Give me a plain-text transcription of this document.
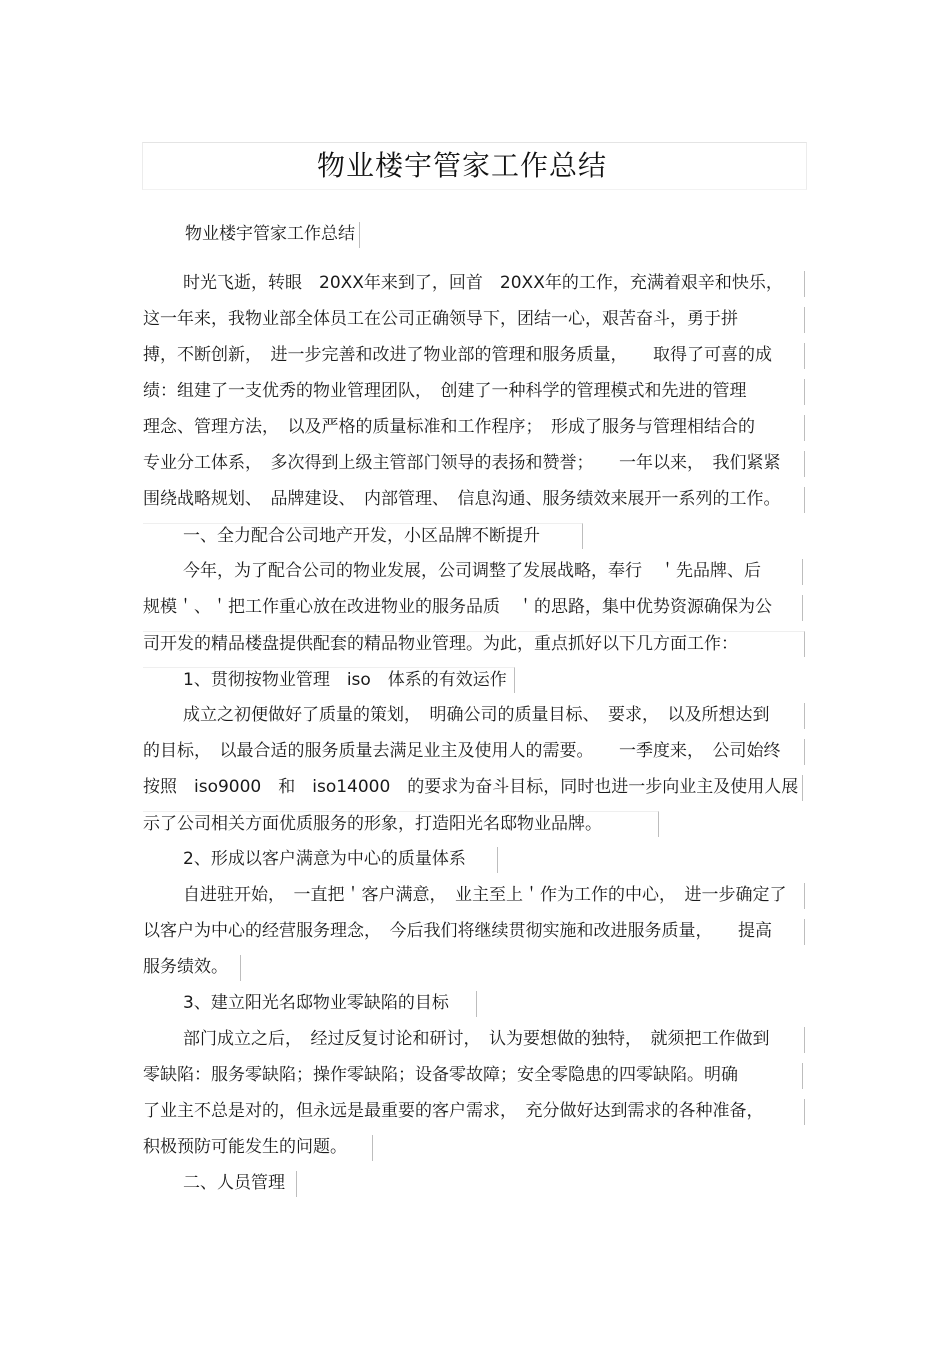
物业楼宇管家工作总结
物业楼宇管家工作总结
时光飞逝，转眼　20XX年来到了，回首　20XX年的工作，充满着艰辛和快乐，
这一年来，我物业部全体员工在公司正确领导下，团结一心，艰苦奋斗，勇于拼
搏，不断创新，　进一步完善和改进了物业部的管理和服务质量，　　取得了可喜的成
绩：组建了一支优秀的物业管理团队，　创建了一种科学的管理模式和先进的管理
理念、管理方法，　以及严格的质量标准和工作程序；　形成了服务与管理相结合的
专业分工体系，　多次得到上级主管部门领导的表扬和赞誉；　　一年以来，　我们紧紧
围绕战略规划、　品牌建设、　内部管理、　信息沟通、服务绩效来展开一系列的工作。
一、全力配合公司地产开发，小区品牌不断提升
今年，为了配合公司的物业发展，公司调整了发展战略，奉行　＇先品牌、后
规模＇、＇把工作重心放在改进物业的服务品质　＇的思路，集中优势资源确保为公
司开发的精品楼盘提供配套的精品物业管理。为此，重点抓好以下几方面工作：
1、贯彻按物业管理　iso　体系的有效运作
成立之初便做好了质量的策划，　明确公司的质量目标、　要求，　以及所想达到
的目标，　以最合适的服务质量去满足业主及使用人的需要。　　一季度来，　公司始终
按照　iso9000　和　iso14000　的要求为奋斗目标，同时也进一步向业主及使用人展
示了公司相关方面优质服务的形象，打造阳光名邸物业品牌。
2、形成以客户满意为中心的质量体系
自进驻开始，　一直把＇客户满意，　业主至上＇作为工作的中心，　进一步确定了
以客户为中心的经营服务理念，　今后我们将继续贯彻实施和改进服务质量，　　提高
服务绩效。
3、建立阳光名邸物业零缺陷的目标
部门成立之后，　经过反复讨论和研讨，　认为要想做的独特，　就须把工作做到
零缺陷：服务零缺陷；操作零缺陷；设备零故障；安全零隐患的四零缺陷。明确
了业主不总是对的，但永远是最重要的客户需求，　充分做好达到需求的各种准备，
积极预防可能发生的问题。
二、人员管理
